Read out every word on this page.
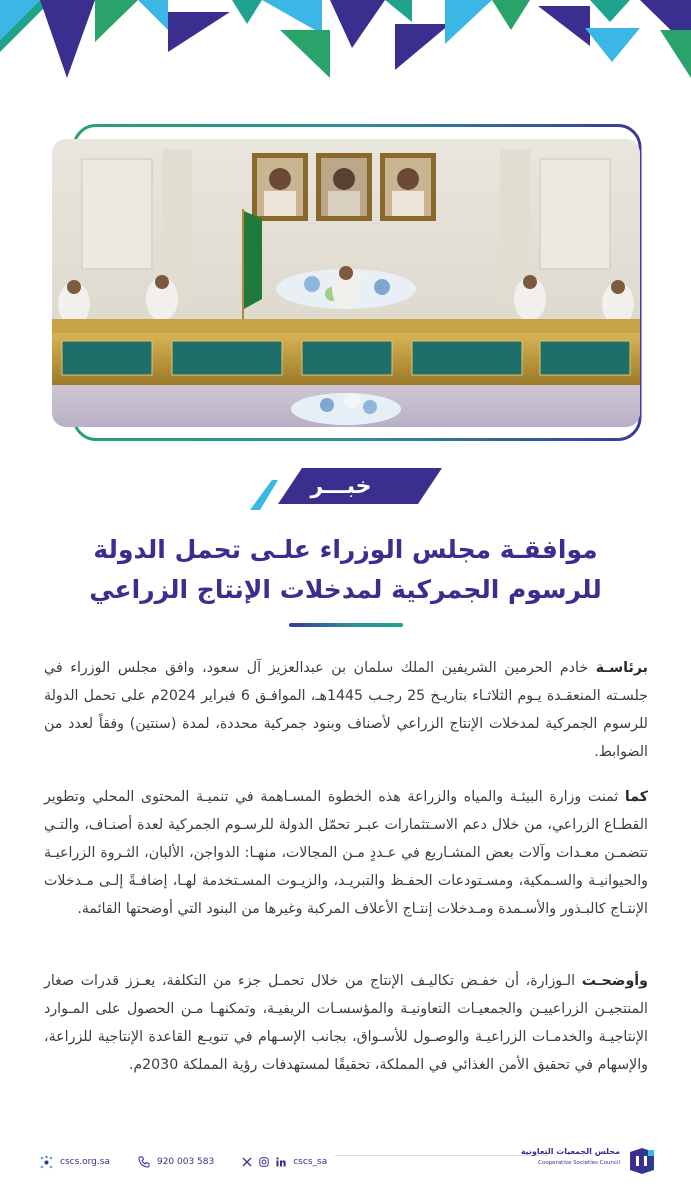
خبـــر
موافقـة مجلس الوزراء علـى تحمل الدولة
للرسوم الجمركية لمدخلات الإنتاج الزراعي

برئاسـة خادم الحرمين الشريفين الملك سلمان بن عبدالعزيز آل سعود، وافق مجلس الوزراء في جلسـته المنعقـدة يـوم الثلاثـاء بتاريـخ 25 رجـب 1445هـ، الموافـق 6 فبراير 2024م على تحمل الدولة للرسوم الجمركية لمدخلات الإنتاج الزراعي لأصناف وبنود جمركية محددة، لمدة (سنتين) وفقاً لعدد من الضوابط.

كما ثمنت وزارة البيئـة والمياه والزراعة هذه الخطوة المسـاهمة في تنميـة المحتوى المحلي وتطوير القطـاع الزراعي، من خلال دعم الاسـتثمارات عبـر تحمّل الدولة للرسـوم الجمركية لعدة أصنـاف، والتـي تتضمـن معـدات وآلات بعض المشـاريع في عـددٍ مـن المجالات، منهـا: الدواجن، الألبان، الثـروة الزراعيـة والحيوانيـة والسـمكية، ومسـتودعات الحفـظ والتبريـد، والزيـوت المسـتخدمة لهـا، إضافـةً إلـى مـدخلات الإنتـاج كالبـذور والأسـمدة ومـدخلات إنتـاج الأعلاف المركبة وغيرها من البنود التي أوضحتها القائمة.

وأوضحـت الـوزارة، أن خفـض تكاليـف الإنتاج من خلال تحمـل جزء من التكلفة، يعـزز قدرات صغار المنتجيـن الزراعييـن والجمعيـات التعاونيـة والمؤسسـات الريفيـة، وتمكنهـا مـن الحصول على المـوارد الإنتاجيـة والخدمـات الزراعيـة والوصـول للأسـواق، بجانب الإسـهام في تنويـع القاعدة الإنتاجية للزراعة، والإسهام في تحقيق الأمن الغذائي في المملكة، تحقيقًا لمستهدفات رؤية المملكة 2030م.

cscs.org.sa	920 003 583	cscs_sa
مجلس الجمعيات التعاونية
Cooperative Societies Council
